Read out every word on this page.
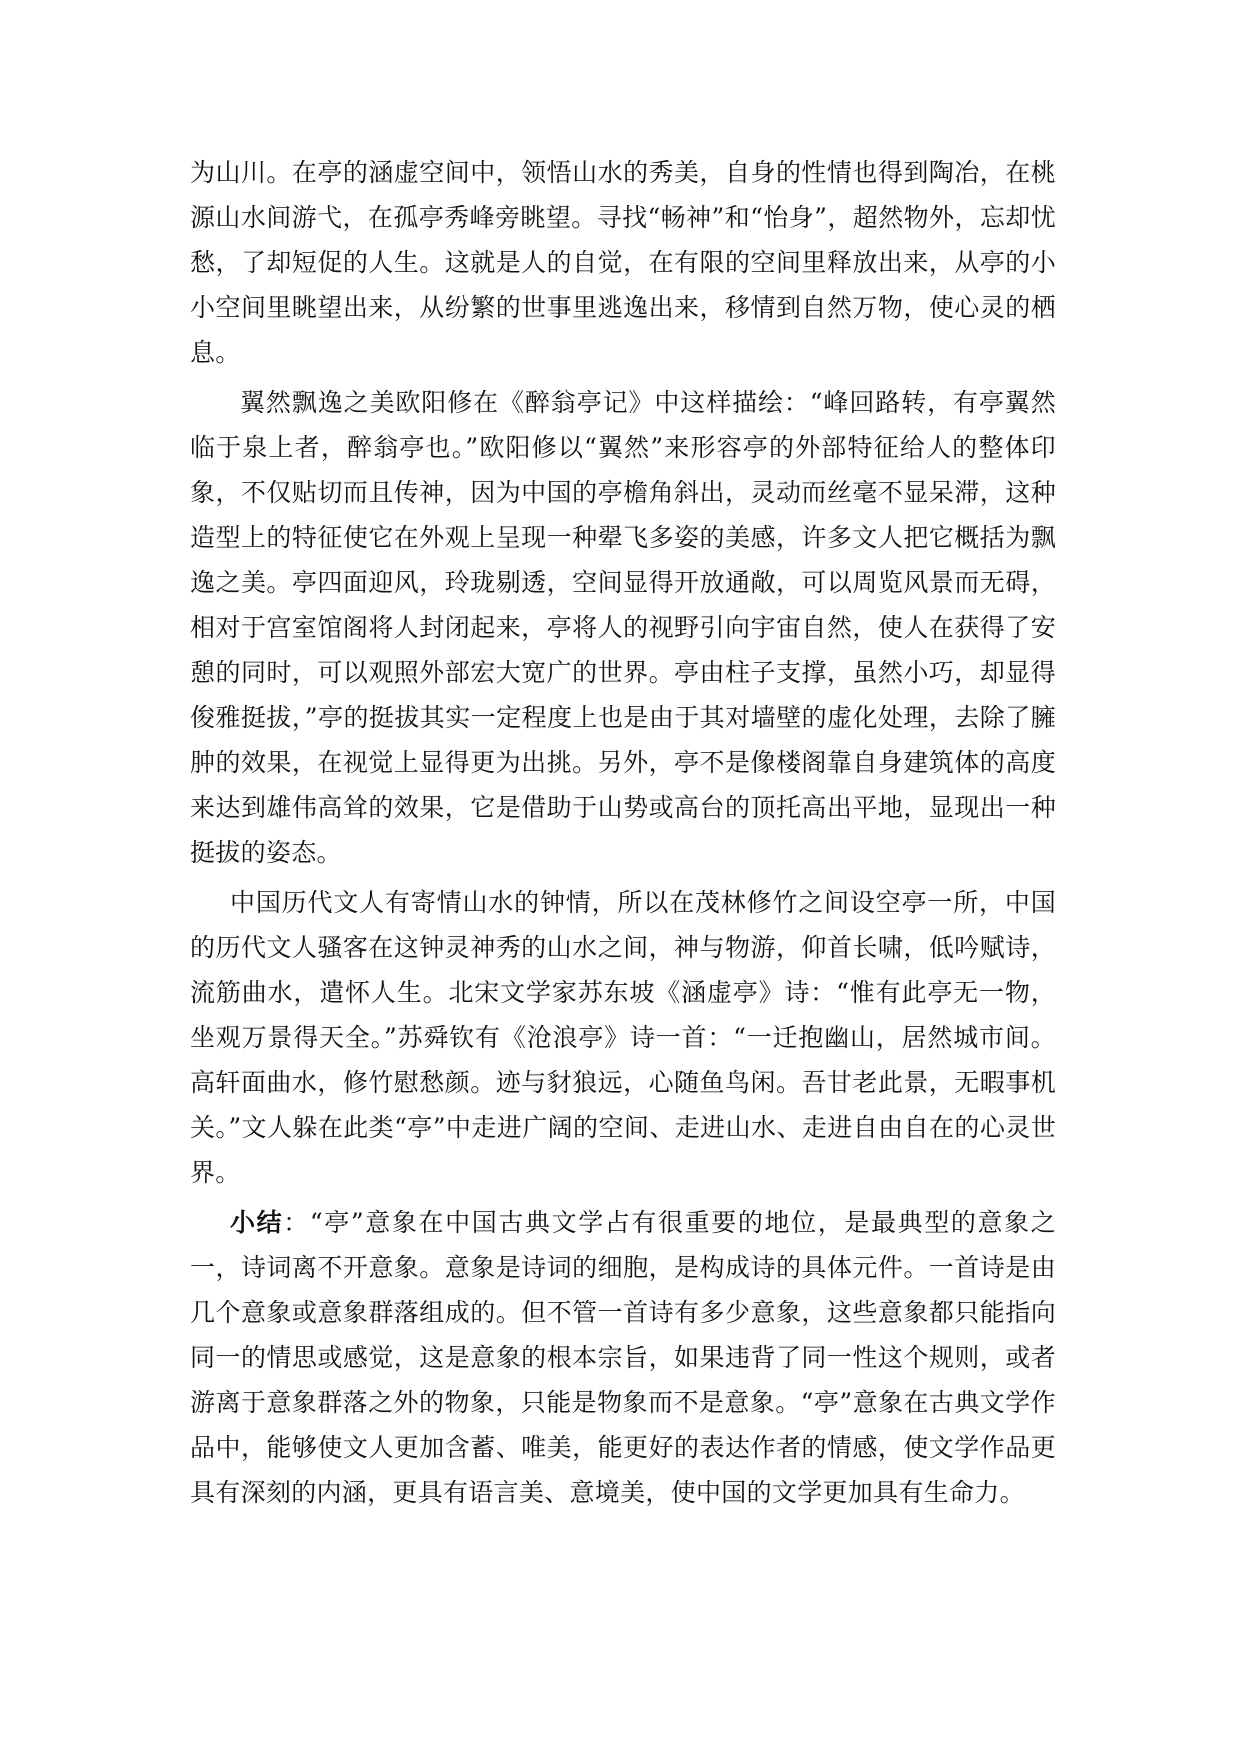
为山川。在亭的涵虚空间中，领悟山水的秀美，自身的性情也得到陶冶，在桃源山水间游弋，在孤亭秀峰旁眺望。寻找“畅神”和“怡身”，超然物外，忘却忧愁，了却短促的人生。这就是人的自觉，在有限的空间里释放出来，从亭的小小空间里眺望出来，从纷繁的世事里逃逸出来，移情到自然万物，使心灵的栖息。

翼然飘逸之美欧阳修在《醉翁亭记》中这样描绘：“峰回路转，有亭翼然临于泉上者，醉翁亭也。”欧阳修以“翼然”来形容亭的外部特征给人的整体印象，不仅贴切而且传神，因为中国的亭檐角斜出，灵动而丝毫不显呆滞，这种造型上的特征使它在外观上呈现一种翚飞多姿的美感，许多文人把它概括为飘逸之美。亭四面迎风，玲珑剔透，空间显得开放通敞，可以周览风景而无碍，相对于宫室馆阁将人封闭起来，亭将人的视野引向宇宙自然，使人在获得了安憩的同时，可以观照外部宏大宽广的世界。亭由柱子支撑，虽然小巧，却显得俊雅挺拔，”亭的挺拔其实一定程度上也是由于其对墙壁的虚化处理，去除了臃肿的效果，在视觉上显得更为出挑。另外，亭不是像楼阁靠自身建筑体的高度来达到雄伟高耸的效果，它是借助于山势或高台的顶托高出平地，显现出一种挺拔的姿态。

中国历代文人有寄情山水的钟情，所以在茂林修竹之间设空亭一所，中国的历代文人骚客在这钟灵神秀的山水之间，神与物游，仰首长啸，低吟赋诗，流筋曲水，遣怀人生。北宋文学家苏东坡《涵虚亭》诗：“惟有此亭无一物，坐观万景得天全。”苏舜钦有《沧浪亭》诗一首：“一迁抱幽山，居然城市间。高轩面曲水，修竹慰愁颜。迹与豺狼远，心随鱼鸟闲。吾甘老此景，无暇事机关。”文人躲在此类“亭”中走进广阔的空间、走进山水、走进自由自在的心灵世界。

小结：“亭”意象在中国古典文学占有很重要的地位，是最典型的意象之一，诗词离不开意象。意象是诗词的细胞，是构成诗的具体元件。一首诗是由几个意象或意象群落组成的。但不管一首诗有多少意象，这些意象都只能指向同一的情思或感觉，这是意象的根本宗旨，如果违背了同一性这个规则，或者游离于意象群落之外的物象，只能是物象而不是意象。“亭”意象在古典文学作品中，能够使文人更加含蓄、唯美，能更好的表达作者的情感，使文学作品更具有深刻的内涵，更具有语言美、意境美，使中国的文学更加具有生命力。
